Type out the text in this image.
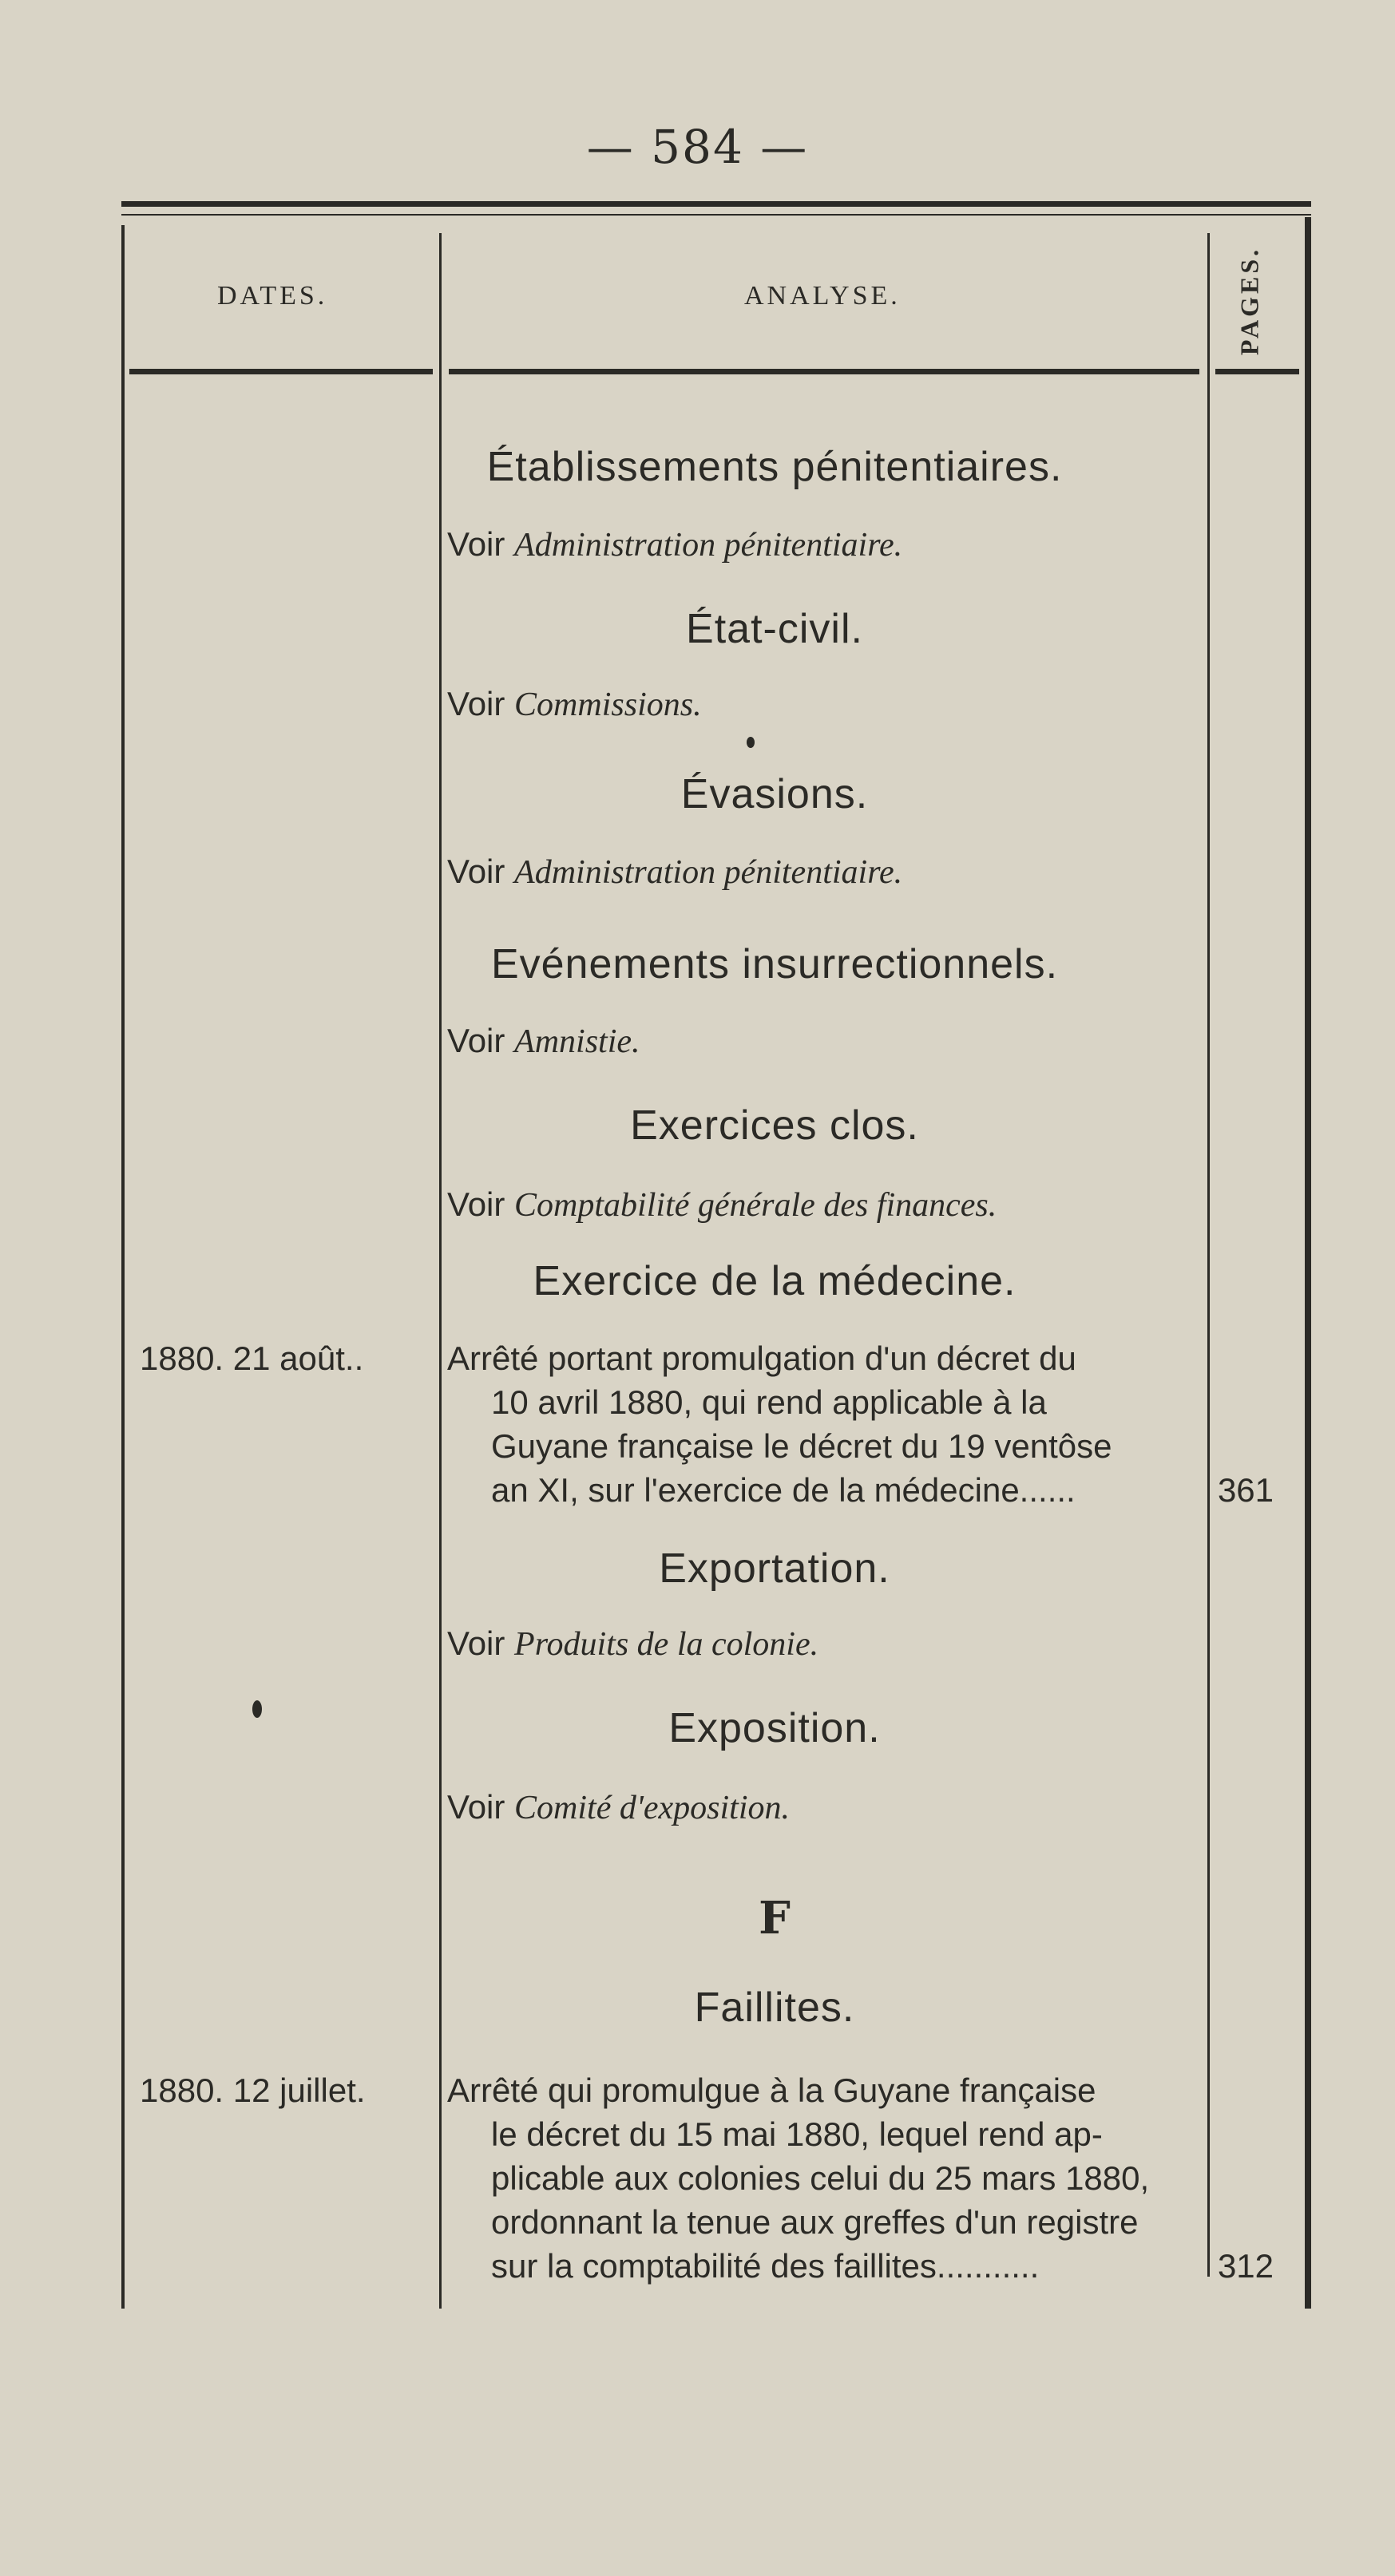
— 584 —
DATES.	ANALYSE.	PAGES.
Établissements pénitentiaires.
Voir Administration pénitentiaire.
État-civil.
Voir Commissions.
Évasions.
Voir Administration pénitentiaire.
Evénements insurrectionnels.
Voir Amnistie.
Exercices clos.
Voir Comptabilité générale des finances.
Exercice de la médecine.
1880. 21 août..	Arrêté portant promulgation d'un décret du
10 avril 1880, qui rend applicable à la
Guyane française le décret du 19 ventôse
an XI, sur l'exercice de la médecine......	361
Exportation.
Voir Produits de la colonie.
Exposition.
Voir Comité d'exposition.
F
Faillites.
1880. 12 juillet.	Arrêté qui promulgue à la Guyane française
le décret du 15 mai 1880, lequel rend ap-
plicable aux colonies celui du 25 mars 1880,
ordonnant la tenue aux greffes d'un registre
sur la comptabilité des faillites...........	312
